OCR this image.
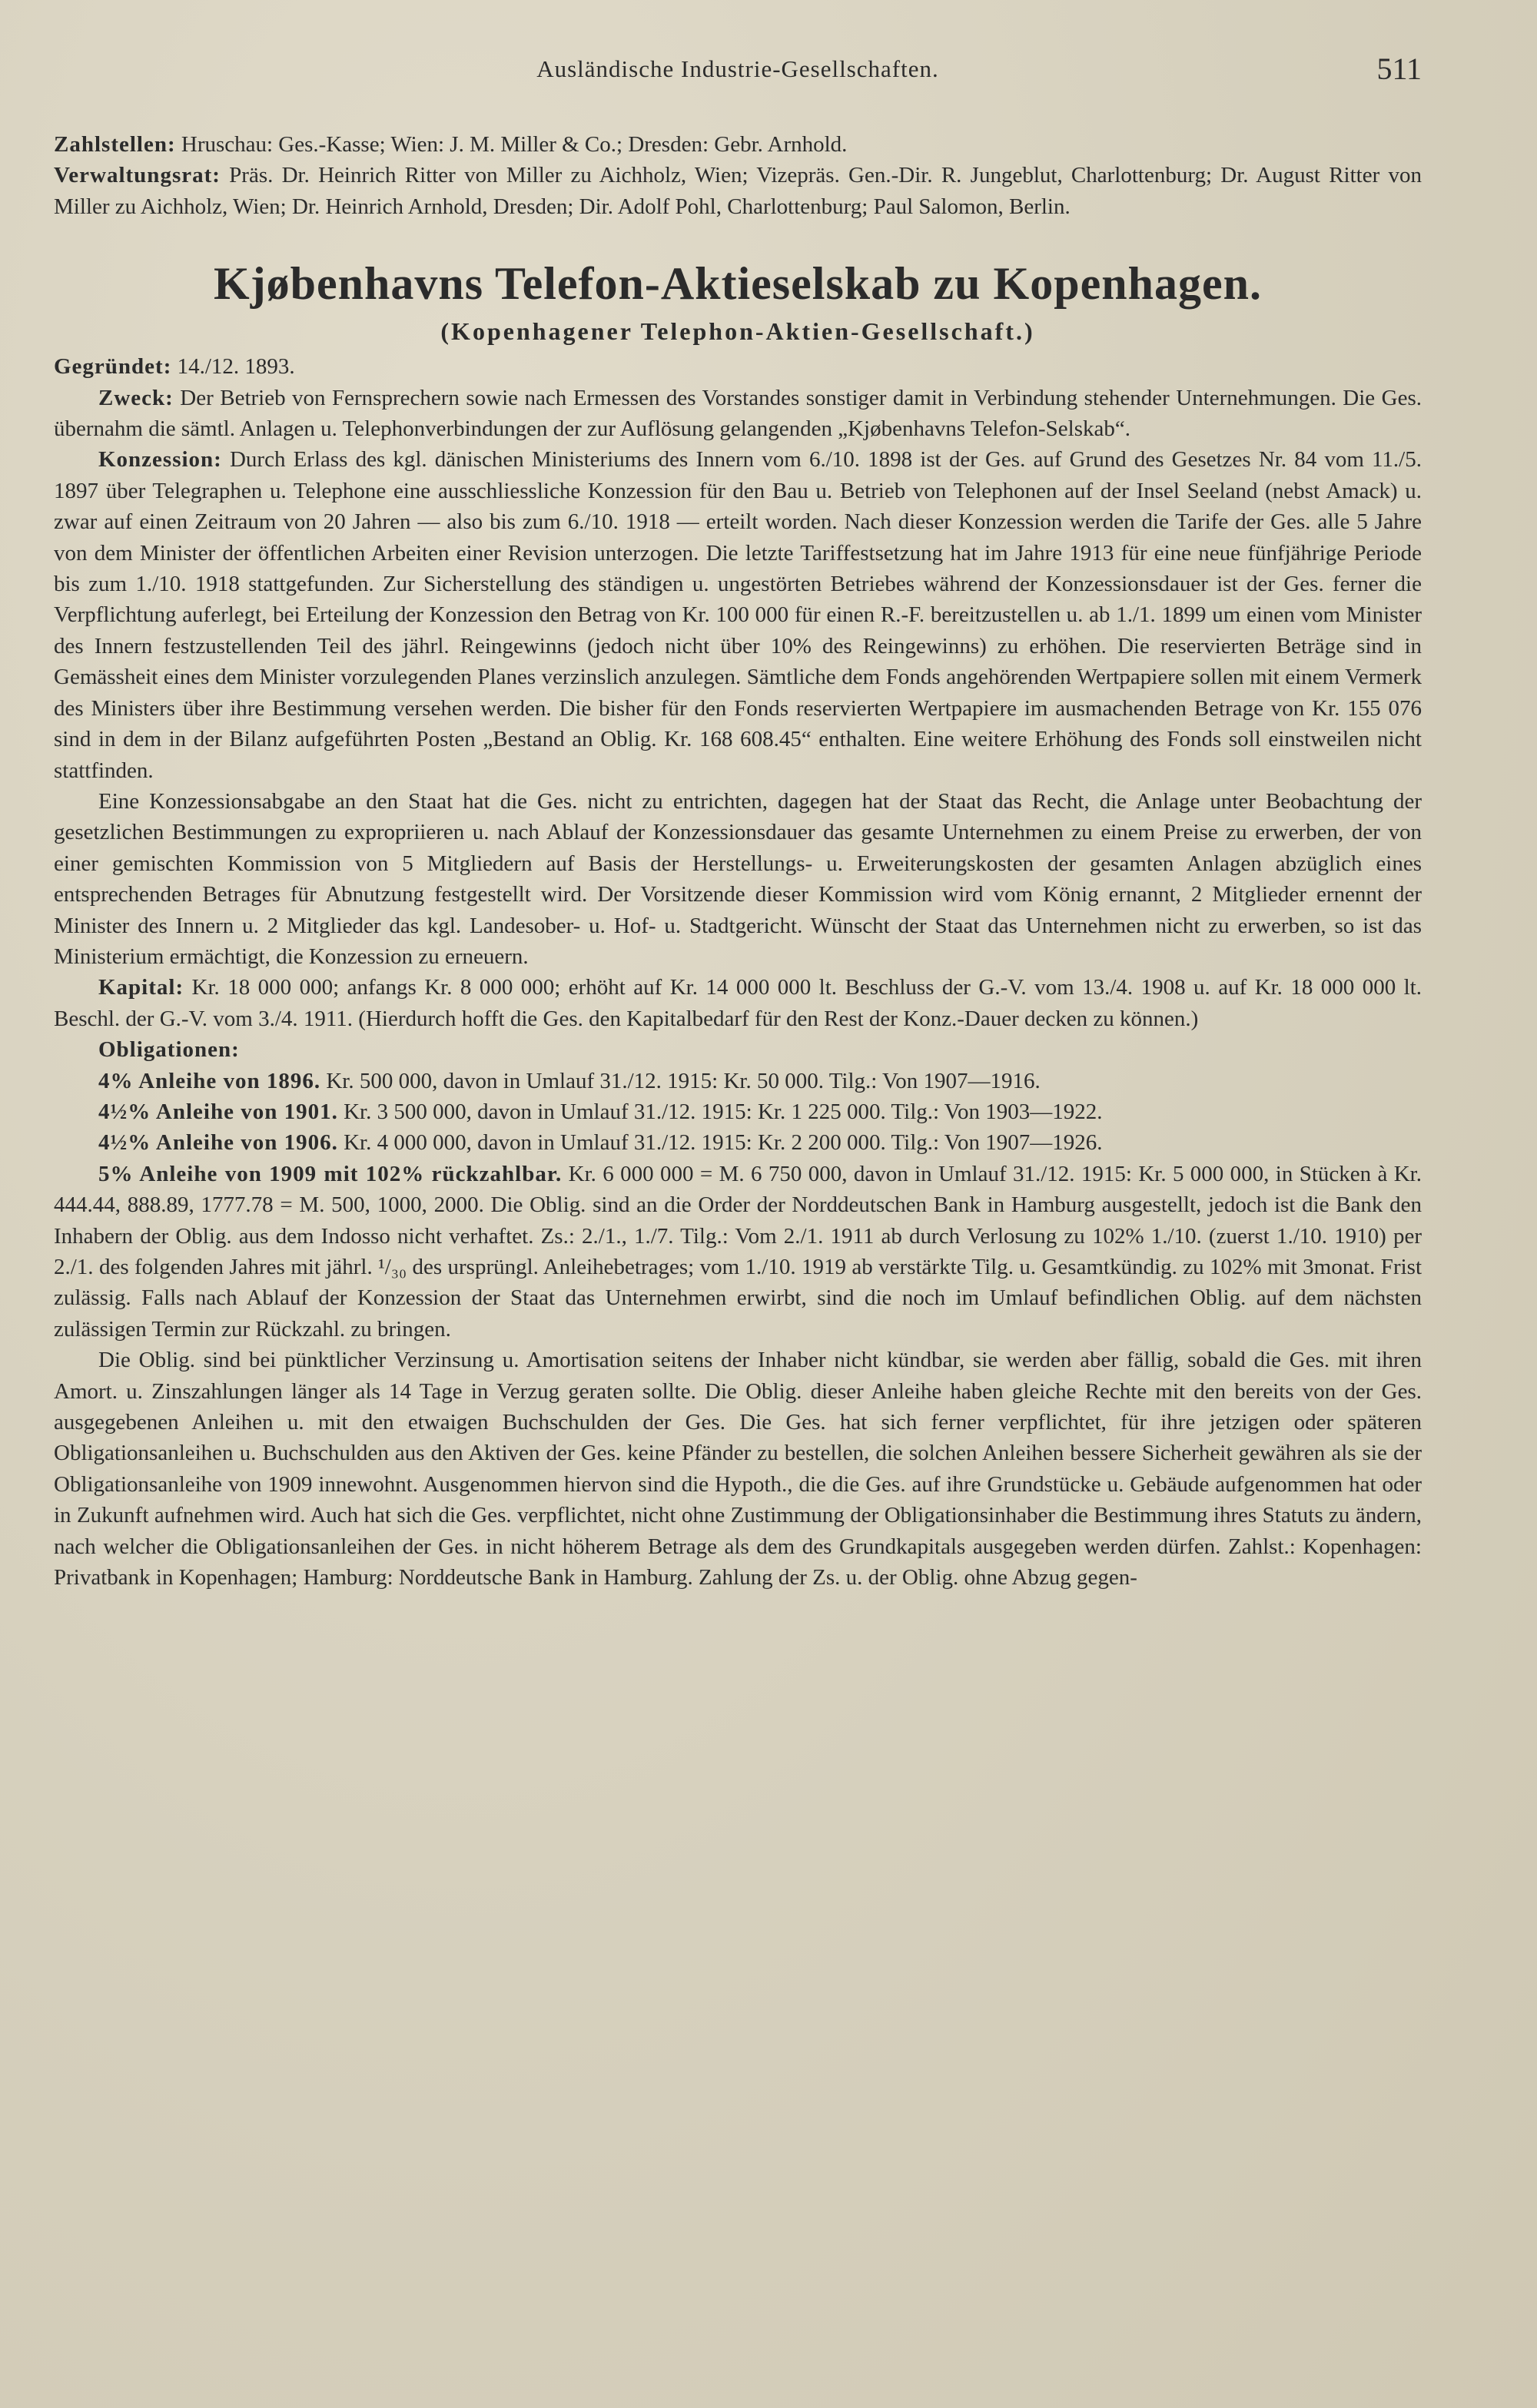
Ausländische Industrie-Gesellschaften.	511

Zahlstellen: Hruschau: Ges.-Kasse; Wien: J. M. Miller & Co.; Dresden: Gebr. Arnhold.

Verwaltungsrat: Präs. Dr. Heinrich Ritter von Miller zu Aichholz, Wien; Vizepräs. Gen.-Dir. R. Jungeblut, Charlottenburg; Dr. August Ritter von Miller zu Aichholz, Wien; Dr. Heinrich Arnhold, Dresden; Dir. Adolf Pohl, Charlottenburg; Paul Salomon, Berlin.

Kjøbenhavns Telefon-Aktieselskab zu Kopenhagen.
(Kopenhagener Telephon-Aktien-Gesellschaft.)

Gegründet: 14./12. 1893.

Zweck: Der Betrieb von Fernsprechern sowie nach Ermessen des Vorstandes sonstiger damit in Verbindung stehender Unternehmungen. Die Ges. übernahm die sämtl. Anlagen u. Telephonverbindungen der zur Auflösung gelangenden „Kjøbenhavns Telefon-Selskab“.

Konzession: Durch Erlass des kgl. dänischen Ministeriums des Innern vom 6./10. 1898 ist der Ges. auf Grund des Gesetzes Nr. 84 vom 11./5. 1897 über Telegraphen u. Telephone eine ausschliessliche Konzession für den Bau u. Betrieb von Telephonen auf der Insel Seeland (nebst Amack) u. zwar auf einen Zeitraum von 20 Jahren — also bis zum 6./10. 1918 — erteilt worden. Nach dieser Konzession werden die Tarife der Ges. alle 5 Jahre von dem Minister der öffentlichen Arbeiten einer Revision unterzogen. Die letzte Tariffestsetzung hat im Jahre 1913 für eine neue fünfjährige Periode bis zum 1./10. 1918 stattgefunden. Zur Sicherstellung des ständigen u. ungestörten Betriebes während der Konzessionsdauer ist der Ges. ferner die Verpflichtung auferlegt, bei Erteilung der Konzession den Betrag von Kr. 100 000 für einen R.-F. bereitzustellen u. ab 1./1. 1899 um einen vom Minister des Innern festzustellenden Teil des jährl. Reingewinns (jedoch nicht über 10% des Reingewinns) zu erhöhen. Die reservierten Beträge sind in Gemässheit eines dem Minister vorzulegenden Planes verzinslich anzulegen. Sämtliche dem Fonds angehörenden Wertpapiere sollen mit einem Vermerk des Ministers über ihre Bestimmung versehen werden. Die bisher für den Fonds reservierten Wertpapiere im ausmachenden Betrage von Kr. 155 076 sind in dem in der Bilanz aufgeführten Posten „Bestand an Oblig. Kr. 168 608.45“ enthalten. Eine weitere Erhöhung des Fonds soll einstweilen nicht stattfinden.

Eine Konzessionsabgabe an den Staat hat die Ges. nicht zu entrichten, dagegen hat der Staat das Recht, die Anlage unter Beobachtung der gesetzlichen Bestimmungen zu expropriieren u. nach Ablauf der Konzessionsdauer das gesamte Unternehmen zu einem Preise zu erwerben, der von einer gemischten Kommission von 5 Mitgliedern auf Basis der Herstellungs- u. Erweiterungskosten der gesamten Anlagen abzüglich eines entsprechenden Betrages für Abnutzung festgestellt wird. Der Vorsitzende dieser Kommission wird vom König ernannt, 2 Mitglieder ernennt der Minister des Innern u. 2 Mitglieder das kgl. Landesober- u. Hof- u. Stadtgericht. Wünscht der Staat das Unternehmen nicht zu erwerben, so ist das Ministerium ermächtigt, die Konzession zu erneuern.

Kapital: Kr. 18 000 000; anfangs Kr. 8 000 000; erhöht auf Kr. 14 000 000 lt. Beschluss der G.-V. vom 13./4. 1908 u. auf Kr. 18 000 000 lt. Beschl. der G.-V. vom 3./4. 1911. (Hierdurch hofft die Ges. den Kapitalbedarf für den Rest der Konz.-Dauer decken zu können.)

Obligationen:

4% Anleihe von 1896. Kr. 500 000, davon in Umlauf 31./12. 1915: Kr. 50 000. Tilg.: Von 1907—1916.

4½% Anleihe von 1901. Kr. 3 500 000, davon in Umlauf 31./12. 1915: Kr. 1 225 000. Tilg.: Von 1903—1922.

4½% Anleihe von 1906. Kr. 4 000 000, davon in Umlauf 31./12. 1915: Kr. 2 200 000. Tilg.: Von 1907—1926.

5% Anleihe von 1909 mit 102% rückzahlbar. Kr. 6 000 000 = M. 6 750 000, davon in Umlauf 31./12. 1915: Kr. 5 000 000, in Stücken à Kr. 444.44, 888.89, 1777.78 = M. 500, 1000, 2000. Die Oblig. sind an die Order der Norddeutschen Bank in Hamburg ausgestellt, jedoch ist die Bank den Inhabern der Oblig. aus dem Indosso nicht verhaftet. Zs.: 2./1., 1./7. Tilg.: Vom 2./1. 1911 ab durch Verlosung zu 102% 1./10. (zuerst 1./10. 1910) per 2./1. des folgenden Jahres mit jährl. ¹/₃₀ des ursprüngl. Anleihebetrages; vom 1./10. 1919 ab verstärkte Tilg. u. Gesamtkündig. zu 102% mit 3monat. Frist zulässig. Falls nach Ablauf der Konzession der Staat das Unternehmen erwirbt, sind die noch im Umlauf befindlichen Oblig. auf dem nächsten zulässigen Termin zur Rückzahl. zu bringen.

Die Oblig. sind bei pünktlicher Verzinsung u. Amortisation seitens der Inhaber nicht kündbar, sie werden aber fällig, sobald die Ges. mit ihren Amort. u. Zinszahlungen länger als 14 Tage in Verzug geraten sollte. Die Oblig. dieser Anleihe haben gleiche Rechte mit den bereits von der Ges. ausgegebenen Anleihen u. mit den etwaigen Buchschulden der Ges. Die Ges. hat sich ferner verpflichtet, für ihre jetzigen oder späteren Obligationsanleihen u. Buchschulden aus den Aktiven der Ges. keine Pfänder zu bestellen, die solchen Anleihen bessere Sicherheit gewähren als sie der Obligationsanleihe von 1909 innewohnt. Ausgenommen hiervon sind die Hypoth., die die Ges. auf ihre Grundstücke u. Gebäude aufgenommen hat oder in Zukunft aufnehmen wird. Auch hat sich die Ges. verpflichtet, nicht ohne Zustimmung der Obligationsinhaber die Bestimmung ihres Statuts zu ändern, nach welcher die Obligationsanleihen der Ges. in nicht höherem Betrage als dem des Grundkapitals ausgegeben werden dürfen. Zahlst.: Kopenhagen: Privatbank in Kopenhagen; Hamburg: Norddeutsche Bank in Hamburg. Zahlung der Zs. u. der Oblig. ohne Abzug gegen-
